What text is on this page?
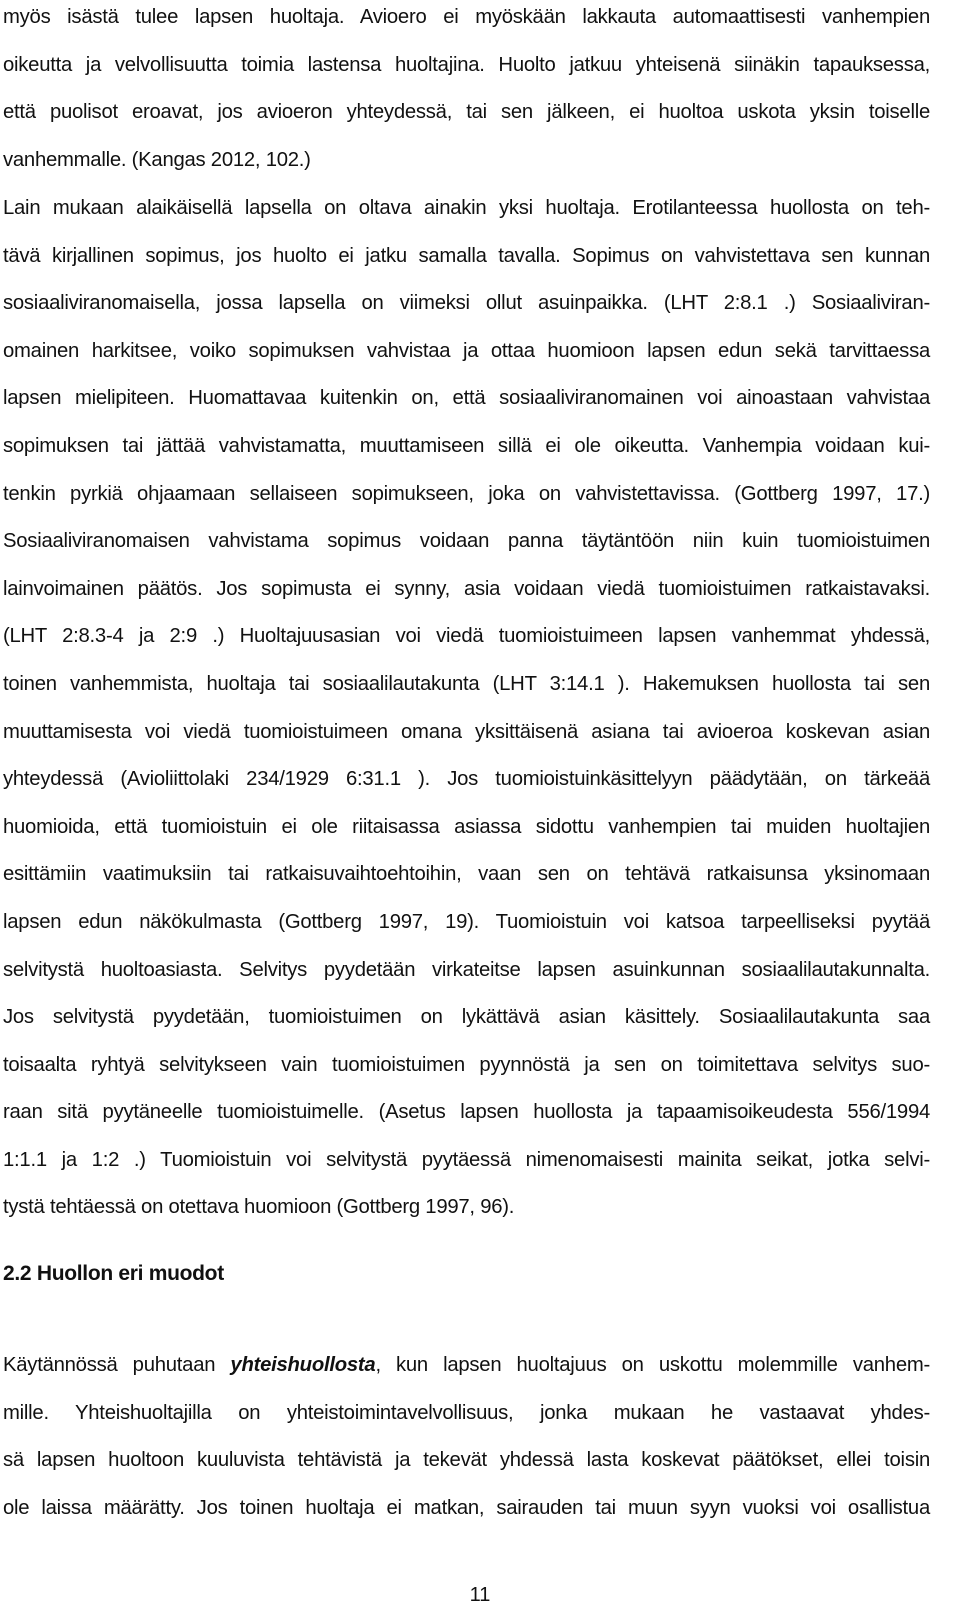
myös isästä tulee lapsen huoltaja. Avioero ei myöskään lakkauta automaattisesti vanhempien
oikeutta ja velvollisuutta toimia lastensa huoltajina. Huolto jatkuu yhteisenä siinäkin tapauksessa,
että puolisot eroavat, jos avioeron yhteydessä, tai sen jälkeen, ei huoltoa uskota yksin toiselle
vanhemmalle. (Kangas 2012, 102.)

Lain mukaan alaikäisellä lapsella on oltava ainakin yksi huoltaja. Erotilanteessa huollosta on teh-
tävä kirjallinen sopimus, jos huolto ei jatku samalla tavalla. Sopimus on vahvistettava sen kunnan
sosiaaliviranomaisella, jossa lapsella on viimeksi ollut asuinpaikka. (LHT 2:8.1 .) Sosiaaliviran-
omainen harkitsee, voiko sopimuksen vahvistaa ja ottaa huomioon lapsen edun sekä tarvittaessa
lapsen mielipiteen. Huomattavaa kuitenkin on, että sosiaaliviranomainen voi ainoastaan vahvistaa
sopimuksen tai jättää vahvistamatta, muuttamiseen sillä ei ole oikeutta. Vanhempia voidaan kui-
tenkin pyrkiä ohjaamaan sellaiseen sopimukseen, joka on vahvistettavissa. (Gottberg 1997, 17.)
Sosiaaliviranomaisen vahvistama sopimus voidaan panna täytäntöön niin kuin tuomioistuimen
lainvoimainen päätös. Jos sopimusta ei synny, asia voidaan viedä tuomioistuimen ratkaistavaksi.
(LHT 2:8.3-4 ja 2:9 .) Huoltajuusasian voi viedä tuomioistuimeen lapsen vanhemmat yhdessä,
toinen vanhemmista, huoltaja tai sosiaalilautakunta (LHT 3:14.1 ). Hakemuksen huollosta tai sen
muuttamisesta voi viedä tuomioistuimeen omana yksittäisenä asiana tai avioeroa koskevan asian
yhteydessä (Avioliittolaki 234/1929 6:31.1 ). Jos tuomioistuinkäsittelyyn päädytään, on tärkeää
huomioida, että tuomioistuin ei ole riitaisassa asiassa sidottu vanhempien tai muiden huoltajien
esittämiin vaatimuksiin tai ratkaisuvaihtoehtoihin, vaan sen on tehtävä ratkaisunsa yksinomaan
lapsen edun näkökulmasta (Gottberg 1997, 19). Tuomioistuin voi katsoa tarpeelliseksi pyytää
selvitystä huoltoasiasta. Selvitys pyydetään virkateitse lapsen asuinkunnan sosiaalilautakunnalta.
Jos selvitystä pyydetään, tuomioistuimen on lykättävä asian käsittely. Sosiaalilautakunta saa
toisaalta ryhtyä selvitykseen vain tuomioistuimen pyynnöstä ja sen on toimitettava selvitys suo-
raan sitä pyytäneelle tuomioistuimelle. (Asetus lapsen huollosta ja tapaamisoikeudesta 556/1994
1:1.1 ja 1:2 .) Tuomioistuin voi selvitystä pyytäessä nimenomaisesti mainita seikat, jotka selvi-
tystä tehtäessä on otettava huomioon (Gottberg 1997, 96).

2.2 Huollon eri muodot

Käytännössä puhutaan yhteishuollosta, kun lapsen huoltajuus on uskottu molemmille vanhem-
mille. Yhteishuoltajilla on yhteistoimintavelvollisuus, jonka mukaan he vastaavat yhdes-
sä lapsen huoltoon kuuluvista tehtävistä ja tekevät yhdessä lasta koskevat päätökset, ellei toisin
ole laissa määrätty. Jos toinen huoltaja ei matkan, sairauden tai muun syyn vuoksi voi osallistua

11
